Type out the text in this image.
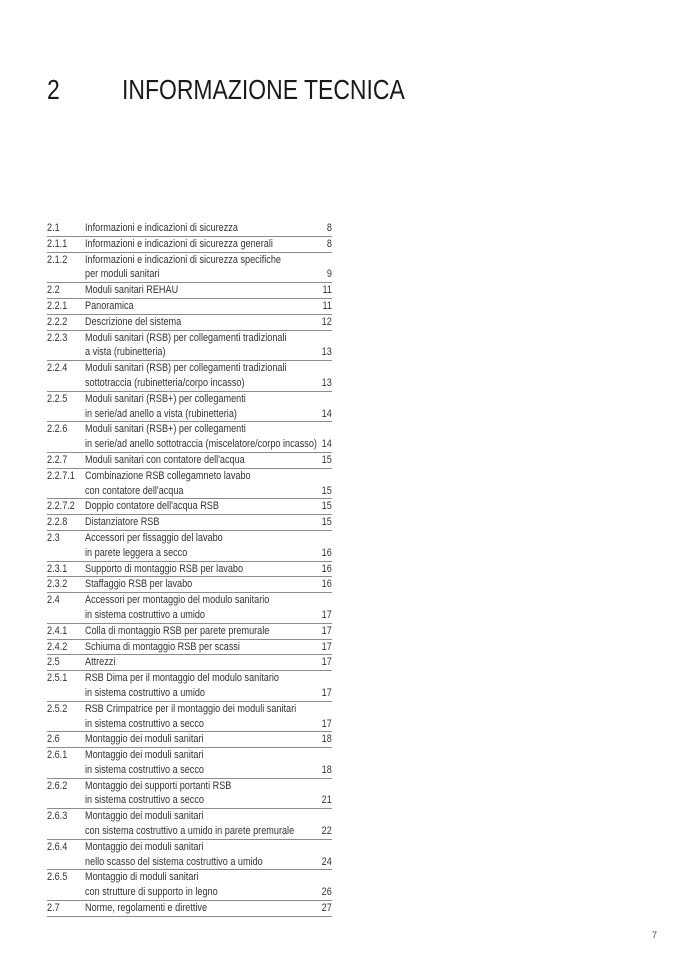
2 INFORMAZIONE TECNICA
2.1 Informazioni e indicazioni di sicurezza	8
2.1.1 Informazioni e indicazioni di sicurezza generali	8
2.1.2 Informazioni e indicazioni di sicurezza specifiche
per moduli sanitari	9
2.2 Moduli sanitari REHAU	11
2.2.1 Panoramica	11
2.2.2 Descrizione del sistema	12
2.2.3 Moduli sanitari (RSB) per collegamenti tradizionali
a vista (rubinetteria)	13
2.2.4 Moduli sanitari (RSB) per collegamenti tradizionali
sottotraccia (rubinetteria/corpo incasso)	13
2.2.5 Moduli sanitari (RSB+) per collegamenti
in serie/ad anello a vista (rubinetteria)	14
2.2.6 Moduli sanitari (RSB+) per collegamenti
in serie/ad anello sottotraccia (miscelatore/corpo incasso) 14
2.2.7 Moduli sanitari con contatore dell'acqua	15
2.2.7.1 Combinazione RSB collegamneto lavabo
con contatore dell'acqua	15
2.2.7.2 Doppio contatore dell'acqua RSB	15
2.2.8 Distanziatore RSB	15
2.3 Accessori per fissaggio del lavabo
in parete leggera a secco	16
2.3.1 Supporto di montaggio RSB per lavabo	16
2.3.2 Staffaggio RSB per lavabo	16
2.4 Accessori per montaggio del modulo sanitario
in sistema costruttivo a umido	17
2.4.1 Colla di montaggio RSB per parete premurale	17
2.4.2 Schiuma di montaggio RSB per scassi	17
2.5 Attrezzi	17
2.5.1 RSB Dima per il montaggio del modulo sanitario
in sistema costruttivo a umido	17
2.5.2 RSB Crimpatrice per il montaggio dei moduli sanitari
in sistema costruttivo a secco	17
2.6 Montaggio dei moduli sanitari	18
2.6.1 Montaggio dei moduli sanitari
in sistema costruttivo a secco	18
2.6.2 Montaggio dei supporti portanti RSB
in sistema costruttivo a secco	21
2.6.3 Montaggio dei moduli sanitari
con sistema costruttivo a umido in parete premurale	22
2.6.4 Montaggio dei moduli sanitari
nello scasso del sistema costruttivo a umido	24
2.6.5 Montaggio di moduli sanitari
con strutture di supporto in legno	26
2.7 Norme, regolamenti e direttive	27
7
